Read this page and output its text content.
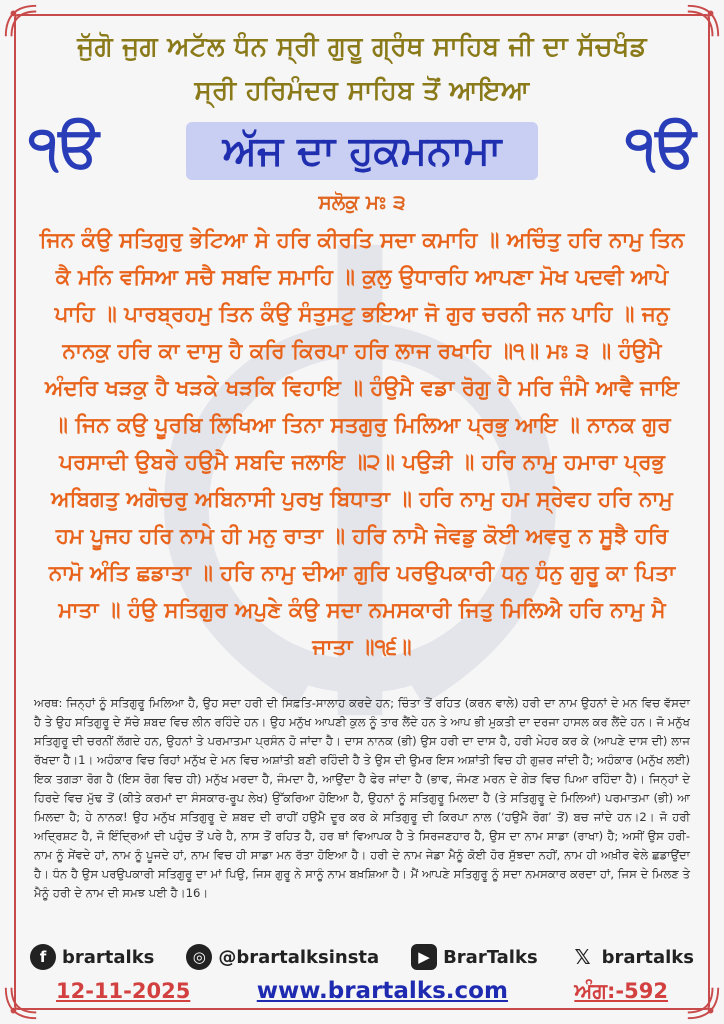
ਜੁੱਗੋ ਜੁਗ ਅਟੱਲ ਧੰਨ ਸ੍ਰੀ ਗੁਰੂ ਗ੍ਰੰਥ ਸਾਹਿਬ ਜੀ ਦਾ ਸੱਚਖੰਡ
ਸ੍ਰੀ ਹਰਿਮੰਦਰ ਸਾਹਿਬ ਤੋਂ ਆਇਆ
੧ੳ	ਅੱਜ ਦਾ ਹੁਕਮਨਾਮਾ	੧ੳ
ਸਲੋਕੁ ਮਃ ੩
ਜਿਨ ਕੰਉ ਸਤਿਗੁਰੁ ਭੇਟਿਆ ਸੇ ਹਰਿ ਕੀਰਤਿ ਸਦਾ ਕਮਾਹਿ ॥ ਅਚਿੰਤੁ ਹਰਿ ਨਾਮੁ ਤਿਨ ਕੈ ਮਨਿ ਵਸਿਆ ਸਚੈ ਸਬਦਿ ਸਮਾਹਿ ॥ ਕੁਲੁ ਉਧਾਰਹਿ ਆਪਣਾ ਮੋਖ ਪਦਵੀ ਆਪੇ ਪਾਹਿ ॥ ਪਾਰਬ੍ਰਹਮੁ ਤਿਨ ਕੰਉ ਸੰਤੁਸਟੁ ਭਇਆ ਜੋ ਗੁਰ ਚਰਨੀ ਜਨ ਪਾਹਿ ॥ ਜਨੁ ਨਾਨਕੁ ਹਰਿ ਕਾ ਦਾਸੁ ਹੈ ਕਰਿ ਕਿਰਪਾ ਹਰਿ ਲਾਜ ਰਖਾਹਿ ॥੧॥ ਮਃ ੩ ॥ ਹੰਉਮੈ ਅੰਦਰਿ ਖੜਕੁ ਹੈ ਖੜਕੇ ਖੜਕਿ ਵਿਹਾਇ ॥ ਹੰਉਮੈ ਵਡਾ ਰੋਗੁ ਹੈ ਮਰਿ ਜੰਮੈ ਆਵੈ ਜਾਇ ॥ ਜਿਨ ਕਉ ਪੂਰਬਿ ਲਿਖਿਆ ਤਿਨਾ ਸਤਗੁਰੁ ਮਿਲਿਆ ਪ੍ਰਭੁ ਆਇ ॥ ਨਾਨਕ ਗੁਰ ਪਰਸਾਦੀ ਉਬਰੇ ਹਉਮੈ ਸਬਦਿ ਜਲਾਇ ॥੨॥ ਪਉੜੀ ॥ ਹਰਿ ਨਾਮੁ ਹਮਾਰਾ ਪ੍ਰਭੁ ਅਬਿਗਤੁ ਅਗੋਚਰੁ ਅਬਿਨਾਸੀ ਪੁਰਖੁ ਬਿਧਾਤਾ ॥ ਹਰਿ ਨਾਮੁ ਹਮ ਸ੍ਰੇਵਹ ਹਰਿ ਨਾਮੁ ਹਮ ਪੂਜਹ ਹਰਿ ਨਾਮੇ ਹੀ ਮਨੁ ਰਾਤਾ ॥ ਹਰਿ ਨਾਮੈ ਜੇਵਡੁ ਕੋਈ ਅਵਰੁ ਨ ਸੂਝੈ ਹਰਿ ਨਾਮੋ ਅੰਤਿ ਛਡਾਤਾ ॥ ਹਰਿ ਨਾਮੁ ਦੀਆ ਗੁਰਿ ਪਰਉਪਕਾਰੀ ਧਨੁ ਧੰਨੁ ਗੁਰੂ ਕਾ ਪਿਤਾ ਮਾਤਾ ॥ ਹੰਉ ਸਤਿਗੁਰ ਅਪੁਣੇ ਕੰਉ ਸਦਾ ਨਮਸਕਾਰੀ ਜਿਤੁ ਮਿਲਿਐ ਹਰਿ ਨਾਮੁ ਮੈ ਜਾਤਾ ॥੧੬॥
ਅਰਥ: ਜਿਨ੍ਹਾਂ ਨੂੰ ਸਤਿਗੁਰੂ ਮਿਲਿਆ ਹੈ, ਉਹ ਸਦਾ ਹਰੀ ਦੀ ਸਿਫ਼ਤਿ-ਸਾਲਾਹ ਕਰਦੇ ਹਨ; ਚਿੰਤਾ ਤੋਂ ਰਹਿਤ (ਕਰਨ ਵਾਲੇ) ਹਰੀ ਦਾ ਨਾਮ ਉਹਨਾਂ ਦੇ ਮਨ ਵਿਚ ਵੱਸਦਾ ਹੈ ਤੇ ਉਹ ਸਤਿਗੁਰੂ ਦੇ ਸੱਚੇ ਸ਼ਬਦ ਵਿਚ ਲੀਨ ਰਹਿੰਦੇ ਹਨ। ਉਹ ਮਨੁੱਖ ਆਪਣੀ ਕੁਲ ਨੂੰ ਤਾਰ ਲੈਂਦੇ ਹਨ ਤੇ ਆਪ ਭੀ ਮੁਕਤੀ ਦਾ ਦਰਜਾ ਹਾਸਲ ਕਰ ਲੈਂਦੇ ਹਨ। ਜੋ ਮਨੁੱਖ ਸਤਿਗੁਰੂ ਦੀ ਚਰਨੀਂ ਲੱਗਦੇ ਹਨ, ਉਹਨਾਂ ਤੇ ਪਰਮਾਤਮਾ ਪ੍ਰਸੰਨ ਹੋ ਜਾਂਦਾ ਹੈ। ਦਾਸ ਨਾਨਕ (ਭੀ) ਉਸ ਹਰੀ ਦਾ ਦਾਸ ਹੈ, ਹਰੀ ਮੇਹਰ ਕਰ ਕੇ (ਆਪਣੇ ਦਾਸ ਦੀ) ਲਾਜ ਰੱਖਦਾ ਹੈ।1। ਅਹੰਕਾਰ ਵਿਚ ਰਿਹਾਂ ਮਨੁੱਖ ਦੇ ਮਨ ਵਿਚ ਅਸ਼ਾਂਤੀ ਬਣੀ ਰਹਿੰਦੀ ਹੈ ਤੇ ਉਸ ਦੀ ਉਮਰ ਇਸ ਅਸ਼ਾਂਤੀ ਵਿਚ ਹੀ ਗੁਜ਼ਰ ਜਾਂਦੀ ਹੈ; ਅਹੰਕਾਰ (ਮਨੁੱਖ ਲਈ) ਇਕ ਤਗੜਾ ਰੋਗ ਹੈ (ਇਸ ਰੋਗ ਵਿਚ ਹੀ) ਮਨੁੱਖ ਮਰਦਾ ਹੈ, ਜੰਮਦਾ ਹੈ, ਆਉਂਦਾ ਹੈ ਫੇਰ ਜਾਂਦਾ ਹੈ (ਭਾਵ, ਜੰਮਣ ਮਰਨ ਦੇ ਗੇੜ ਵਿਚ ਪਿਆ ਰਹਿੰਦਾ ਹੈ)। ਜਿਨ੍ਹਾਂ ਦੇ ਹਿਰਦੇ ਵਿਚ ਮੁੱਢ ਤੋਂ (ਕੀਤੇ ਕਰਮਾਂ ਦਾ ਸੰਸਕਾਰ-ਰੂਪ ਲੇਖ) ਉੱਕਰਿਆ ਹੋਇਆ ਹੈ, ਉਹਨਾਂ ਨੂੰ ਸਤਿਗੁਰੂ ਮਿਲਦਾ ਹੈ (ਤੇ ਸਤਿਗੁਰੂ ਦੇ ਮਿਲਿਆਂ) ਪਰਮਾਤਮਾ (ਭੀ) ਆ ਮਿਲਦਾ ਹੈ; ਹੇ ਨਾਨਕ! ਉਹ ਮਨੁੱਖ ਸਤਿਗੁਰੂ ਦੇ ਸ਼ਬਦ ਦੀ ਰਾਹੀਂ ਹਉਮੈ ਦੂਰ ਕਰ ਕੇ ਸਤਿਗੁਰੂ ਦੀ ਕਿਰਪਾ ਨਾਲ (‘ਹਉਮੈ ਰੋਗ’ ਤੋਂ) ਬਚ ਜਾਂਦੇ ਹਨ।2। ਜੋ ਹਰੀ ਅਦ੍ਰਿਸ਼ਟ ਹੈ, ਜੋ ਇੰਦ੍ਰਿਆਂ ਦੀ ਪਹੁੰਚ ਤੋਂ ਪਰੇ ਹੈ, ਨਾਸ ਤੋਂ ਰਹਿਤ ਹੈ, ਹਰ ਥਾਂ ਵਿਆਪਕ ਹੈ ਤੇ ਸਿਰਜਣਹਾਰ ਹੈ, ਉਸ ਦਾ ਨਾਮ ਸਾਡਾ (ਰਾਖਾ) ਹੈ; ਅਸੀਂ ਉਸ ਹਰੀ-ਨਾਮ ਨੂੰ ਸੇਂਵਦੇ ਹਾਂ, ਨਾਮ ਨੂੰ ਪੂਜਦੇ ਹਾਂ, ਨਾਮ ਵਿਚ ਹੀ ਸਾਡਾ ਮਨ ਰੱਤਾ ਹੋਇਆ ਹੈ। ਹਰੀ ਦੇ ਨਾਮ ਜੇਡਾ ਮੈਨੂੰ ਕੋਈ ਹੋਰ ਸੁੱਝਦਾ ਨਹੀਂ, ਨਾਮ ਹੀ ਅਖ਼ੀਰ ਵੇਲੇ ਛਡਾਉਂਦਾ ਹੈ। ਧੰਨ ਹੈ ਉਸ ਪਰਉਪਕਾਰੀ ਸਤਿਗੁਰੂ ਦਾ ਮਾਂ ਪਿਉ, ਜਿਸ ਗੁਰੂ ਨੇ ਸਾਨੂੰ ਨਾਮ ਬਖ਼ਸ਼ਿਆ ਹੈ। ਮੈਂ ਆਪਣੇ ਸਤਿਗੁਰੂ ਨੂੰ ਸਦਾ ਨਮਸਕਾਰ ਕਰਦਾ ਹਾਂ, ਜਿਸ ਦੇ ਮਿਲਣ ਤੇ ਮੈਨੂੰ ਹਰੀ ਦੇ ਨਾਮ ਦੀ ਸਮਝ ਪਈ ਹੈ।16।
f brartalks	◎ @brartalksinsta	▶ BrarTalks 𝕏 brartalks
12-11-2025	www.brartalks.com	ਅੰਗ:-592
